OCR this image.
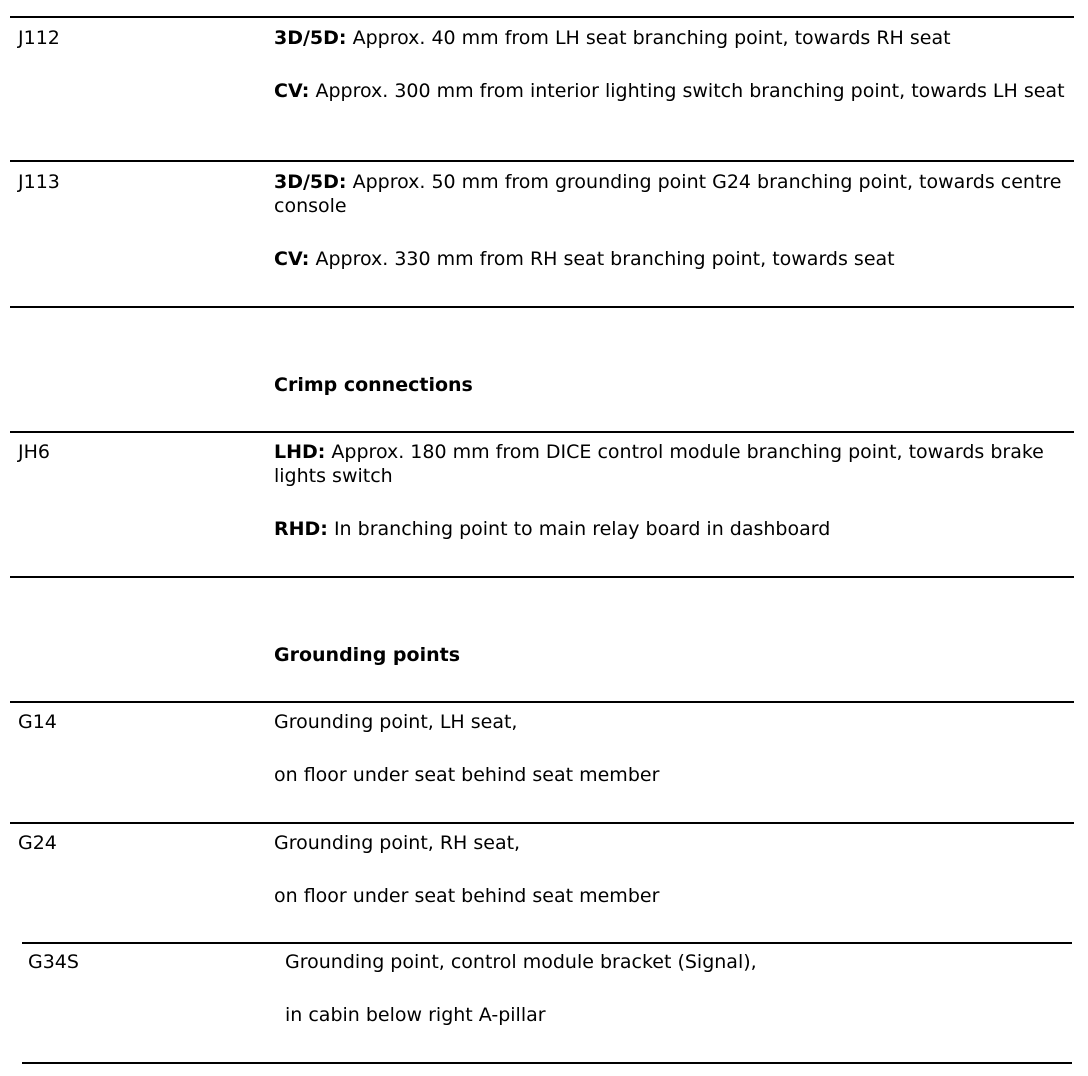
J112	3D/5D: Approx. 40 mm from LH seat branching point, towards RH seat

CV: Approx. 300 mm from interior lighting switch branching point, towards LH seat

J113	3D/5D: Approx. 50 mm from grounding point G24 branching point, towards centre console

CV: Approx. 330 mm from RH seat branching point, towards seat

Crimp connections
JH6	LHD: Approx. 180 mm from DICE control module branching point, towards brake lights switch

RHD: In branching point to main relay board in dashboard

Grounding points
G14	Grounding point, LH seat,

on floor under seat behind seat member

G24	Grounding point, RH seat,

on floor under seat behind seat member

G34S	Grounding point, control module bracket (Signal),

in cabin below right A-pillar
